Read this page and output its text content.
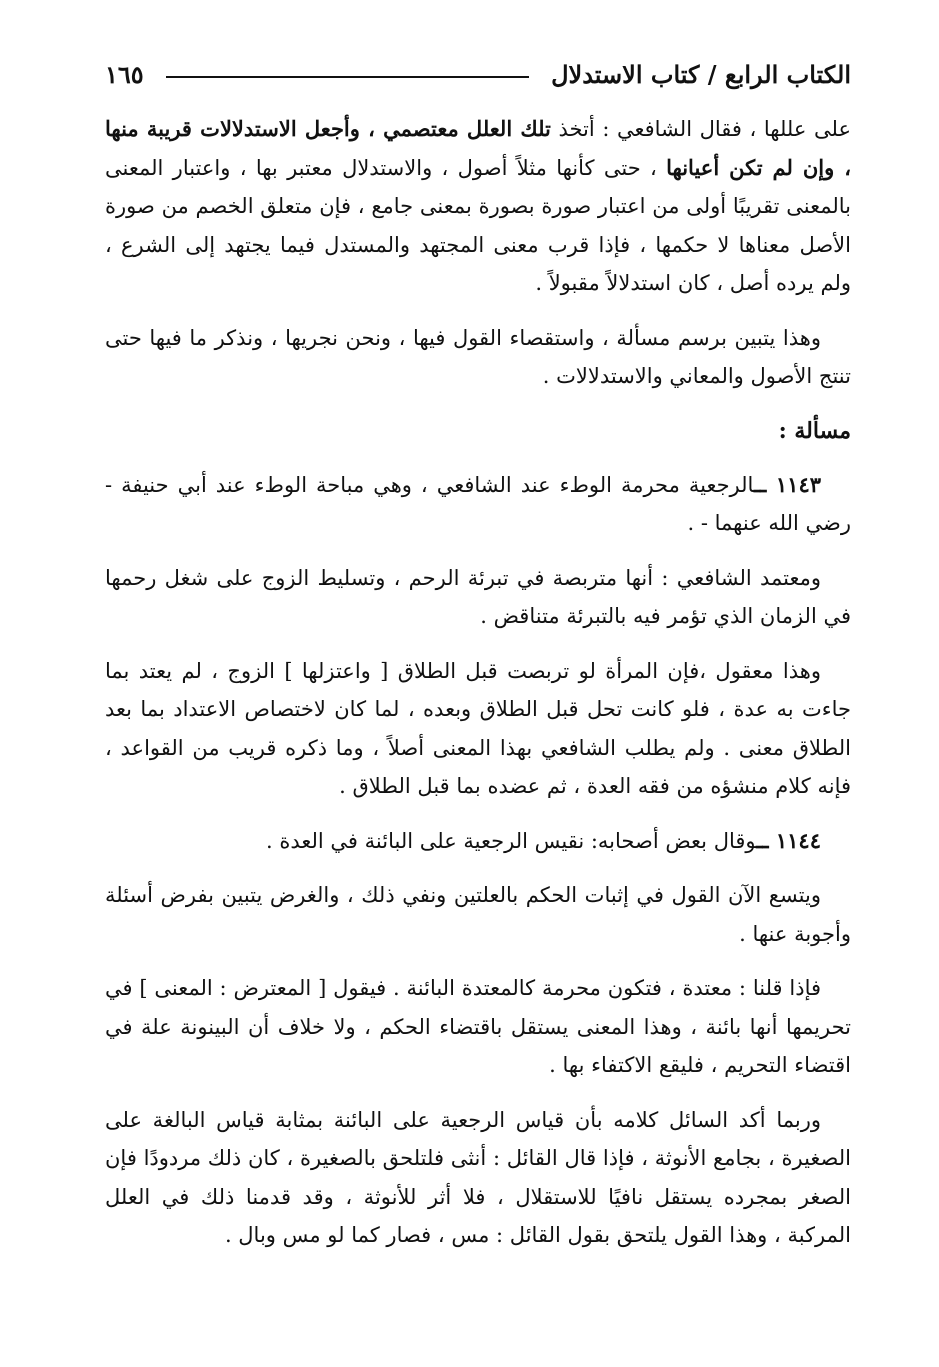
الكتاب الرابع / كتاب الاستدلال
١٦٥

على عللها ، فقال الشافعي : أتخذ تلك العلل معتصمي ، وأجعل الاستدلالات قريبة منها ، وإن لم تكن أعيانها ، حتى كأنها مثلاً أصول ، والاستدلال معتبر بها ، واعتبار المعنى بالمعنى تقريبًا أولى من اعتبار صورة بصورة بمعنى جامع ، فإن متعلق الخصم من صورة الأصل معناها لا حكمها ، فإذا قرب معنى المجتهد والمستدل فيما يجتهد إلى الشرع ، ولم يرده أصل ، كان استدلالاً مقبولاً .

وهذا يتبين برسم مسألة ، واستقصاء القول فيها ، ونحن نجريها ، ونذكر ما فيها حتى تنتج الأصول والمعاني والاستدلالات .

مسألة :

١١٤٣ ــالرجعية محرمة الوطء عند الشافعي ، وهي مباحة الوطء عند أبي حنيفة - رضي الله عنهما - .

ومعتمد الشافعي : أنها متربصة في تبرئة الرحم ، وتسليط الزوج على شغل رحمها في الزمان الذي تؤمر فيه بالتبرئة متناقض .

وهذا معقول ،فإن المرأة لو تربصت قبل الطلاق [ واعتزلها ] الزوج ، لم يعتد بما جاءت به عدة ، فلو كانت تحل قبل الطلاق وبعده ، لما كان لاختصاص الاعتداد بما بعد الطلاق معنى . ولم يطلب الشافعي بهذا المعنى أصلاً ، وما ذكره قريب من القواعد ، فإنه كلام منشؤه من فقه العدة ، ثم عضده بما قبل الطلاق .

١١٤٤ ــوقال بعض أصحابه: نقيس الرجعية على البائنة في العدة .

ويتسع الآن القول في إثبات الحكم بالعلتين ونفي ذلك ، والغرض يتبين بفرض أسئلة وأجوبة عنها .

فإذا قلنا : معتدة ، فتكون محرمة كالمعتدة البائنة . فيقول [ المعترض : المعنى ] في تحريمها أنها بائنة ، وهذا المعنى يستقل باقتضاء الحكم ، ولا خلاف أن البينونة علة في اقتضاء التحريم ، فليقع الاكتفاء بها .

وربما أكد السائل كلامه بأن قياس الرجعية على البائنة بمثابة قياس البالغة على الصغيرة ، بجامع الأنوثة ، فإذا قال القائل : أنثى فلتلحق بالصغيرة ، كان ذلك مردودًا فإن الصغر بمجرده يستقل نافيًا للاستقلال ، فلا أثر للأنوثة ، وقد قدمنا ذلك في العلل المركبة ، وهذا القول يلتحق بقول القائل : مس ، فصار كما لو مس وبال .
